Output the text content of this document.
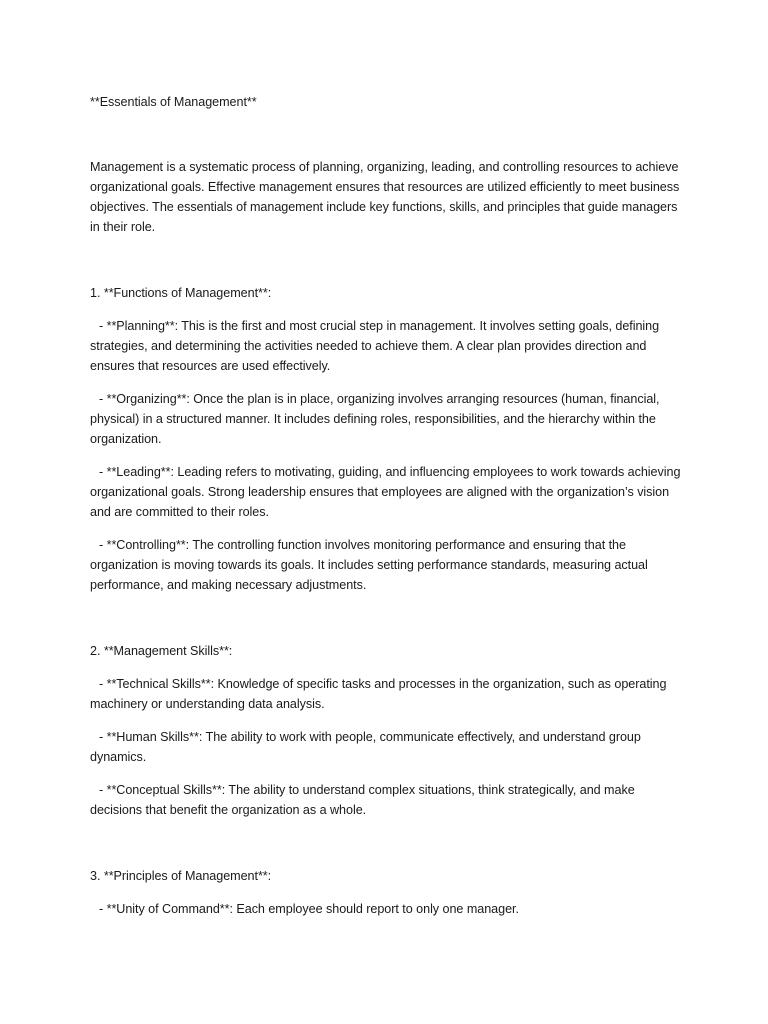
**Essentials of Management**

Management is a systematic process of planning, organizing, leading, and controlling resources to achieve organizational goals. Effective management ensures that resources are utilized efficiently to meet business objectives. The essentials of management include key functions, skills, and principles that guide managers in their role.

1. **Functions of Management**:

- **Planning**: This is the first and most crucial step in management. It involves setting goals, defining strategies, and determining the activities needed to achieve them. A clear plan provides direction and ensures that resources are used effectively.

- **Organizing**: Once the plan is in place, organizing involves arranging resources (human, financial, physical) in a structured manner. It includes defining roles, responsibilities, and the hierarchy within the organization.

- **Leading**: Leading refers to motivating, guiding, and influencing employees to work towards achieving organizational goals. Strong leadership ensures that employees are aligned with the organization’s vision and are committed to their roles.

- **Controlling**: The controlling function involves monitoring performance and ensuring that the organization is moving towards its goals. It includes setting performance standards, measuring actual performance, and making necessary adjustments.

2. **Management Skills**:

- **Technical Skills**: Knowledge of specific tasks and processes in the organization, such as operating machinery or understanding data analysis.

- **Human Skills**: The ability to work with people, communicate effectively, and understand group dynamics.

- **Conceptual Skills**: The ability to understand complex situations, think strategically, and make decisions that benefit the organization as a whole.

3. **Principles of Management**:

- **Unity of Command**: Each employee should report to only one manager.
